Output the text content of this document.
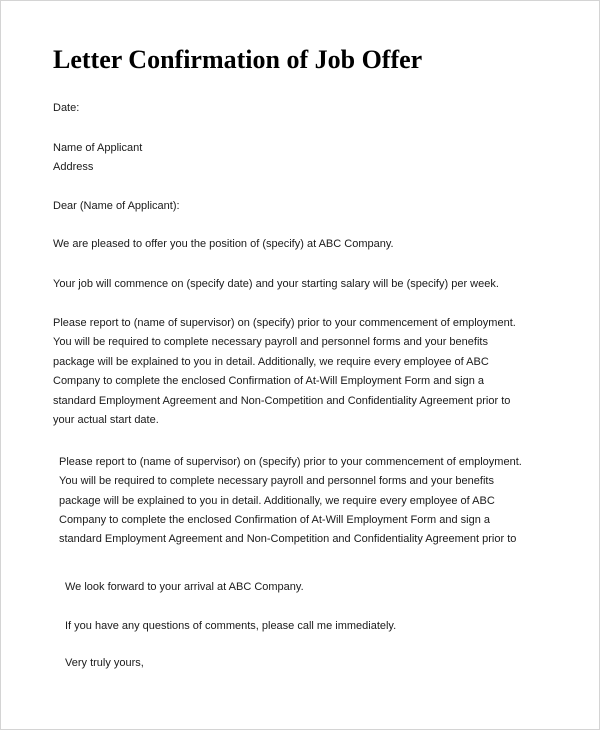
Letter Confirmation of Job Offer
Date:
Name of Applicant
Address
Dear (Name of Applicant):
We are pleased to offer you the position of (specify) at ABC Company.
Your job will commence on (specify date) and your starting salary will be (specify) per week.
Please report to (name of supervisor) on (specify) prior to your commencement of employment.
You will be required to complete necessary payroll and personnel forms and your benefits
package will be explained to you in detail. Additionally, we require every employee of ABC
Company to complete the enclosed Confirmation of At-Will Employment Form and sign a
standard Employment Agreement and Non-Competition and Confidentiality Agreement prior to
your actual start date.
Please report to (name of supervisor) on (specify) prior to your commencement of employment.
You will be required to complete necessary payroll and personnel forms and your benefits
package will be explained to you in detail. Additionally, we require every employee of ABC
Company to complete the enclosed Confirmation of At-Will Employment Form and sign a
standard Employment Agreement and Non-Competition and Confidentiality Agreement prior to
We look forward to your arrival at ABC Company.
If you have any questions of comments, please call me immediately.
Very truly yours,
